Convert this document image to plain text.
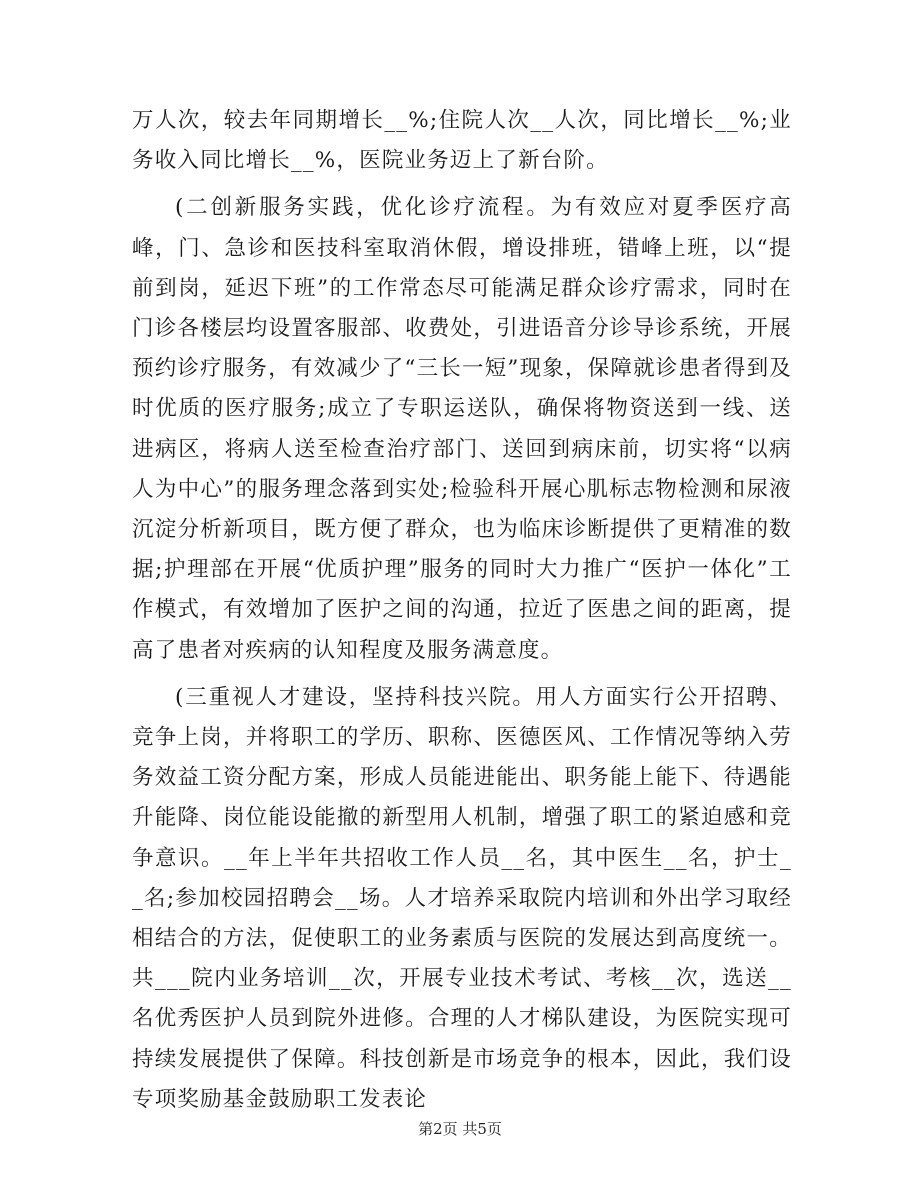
万人次，较去年同期增长__%;住院人次__人次，同比增长__%;业务收入同比增长__%，医院业务迈上了新台阶。

(二创新服务实践，优化诊疗流程。为有效应对夏季医疗高峰，门、急诊和医技科室取消休假，增设排班，错峰上班，以“提前到岗，延迟下班”的工作常态尽可能满足群众诊疗需求，同时在门诊各楼层均设置客服部、收费处，引进语音分诊导诊系统，开展预约诊疗服务，有效减少了“三长一短”现象，保障就诊患者得到及时优质的医疗服务;成立了专职运送队，确保将物资送到一线、送进病区，将病人送至检查治疗部门、送回到病床前，切实将“以病人为中心”的服务理念落到实处;检验科开展心肌标志物检测和尿液沉淀分析新项目，既方便了群众，也为临床诊断提供了更精准的数据;护理部在开展“优质护理”服务的同时大力推广“医护一体化”工作模式，有效增加了医护之间的沟通，拉近了医患之间的距离，提高了患者对疾病的认知程度及服务满意度。

(三重视人才建设，坚持科技兴院。用人方面实行公开招聘、竞争上岗，并将职工的学历、职称、医德医风、工作情况等纳入劳务效益工资分配方案，形成人员能进能出、职务能上能下、待遇能升能降、岗位能设能撤的新型用人机制，增强了职工的紧迫感和竞争意识。__年上半年共招收工作人员__名，其中医生__名，护士__名;参加校园招聘会__场。人才培养采取院内培训和外出学习取经相结合的方法，促使职工的业务素质与医院的发展达到高度统一。共___院内业务培训__次，开展专业技术考试、考核__次，选送__名优秀医护人员到院外进修。合理的人才梯队建设，为医院实现可持续发展提供了保障。科技创新是市场竞争的根本，因此，我们设专项奖励基金鼓励职工发表论

第2页 共5页
